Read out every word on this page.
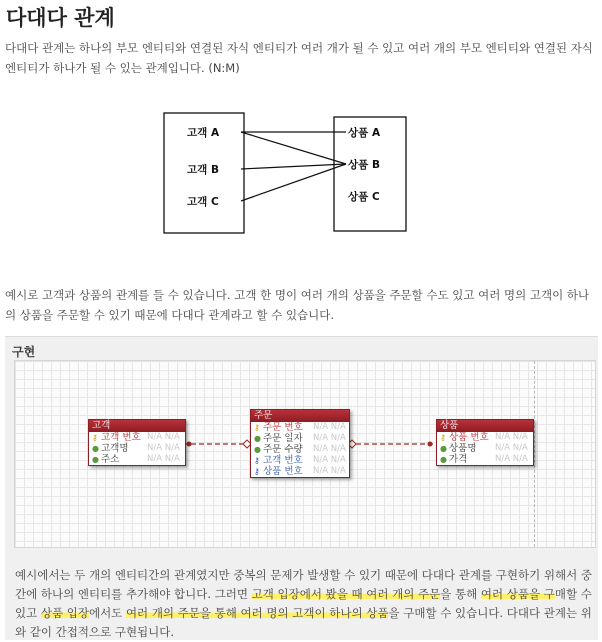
다대다 관계
다대다 관계는 하나의 부모 엔티티와 연결된 자식 엔티티가 여러 개가 될 수 있고 여러 개의 부모 엔티티와 연결된 자식 엔티티가 하나가 될 수 있는 관계입니다. (N:M)
고객 A
고객 B
고객 C
상품 A
상품 B
상품 C
예시로 고객과 상품의 관계를 들 수 있습니다. 고객 한 명이 여러 개의 상품을 주문할 수도 있고 여러 명의 고객이 하나의 상품을 주문할 수 있기 때문에 다대다 관계라고 할 수 있습니다.
구현
고객
⚷ 고객 번호 N/A N/A
● 고객명 N/A N/A
● 주소	N/A N/A
주문
⚷ 주문 번호 N/A N/A
● 주문 일자 N/A N/A
● 주문 수량 N/A N/A
⚷ 고객 번호 N/A N/A
⚷ 상품 번호 N/A N/A
상품
⚷ 상품 번호 N/A N/A
● 상품명 N/A N/A
● 가격	N/A N/A
예시에서는 두 개의 엔티티간의 관계였지만 중복의 문제가 발생할 수 있기 때문에 다대다 관계를 구현하기 위해서 중간에 하나의 엔티티를 추가해야 합니다. 그러면 고객 입장에서 봤을 때 여러 개의 주문을 통해 여러 상품을 구매할 수 있고 상품 입장에서도 여러 개의 주문을 통해 여러 명의 고객이 하나의 상품을 구매할 수 있습니다. 다대다 관계는 위와 같이 간접적으로 구현됩니다.
